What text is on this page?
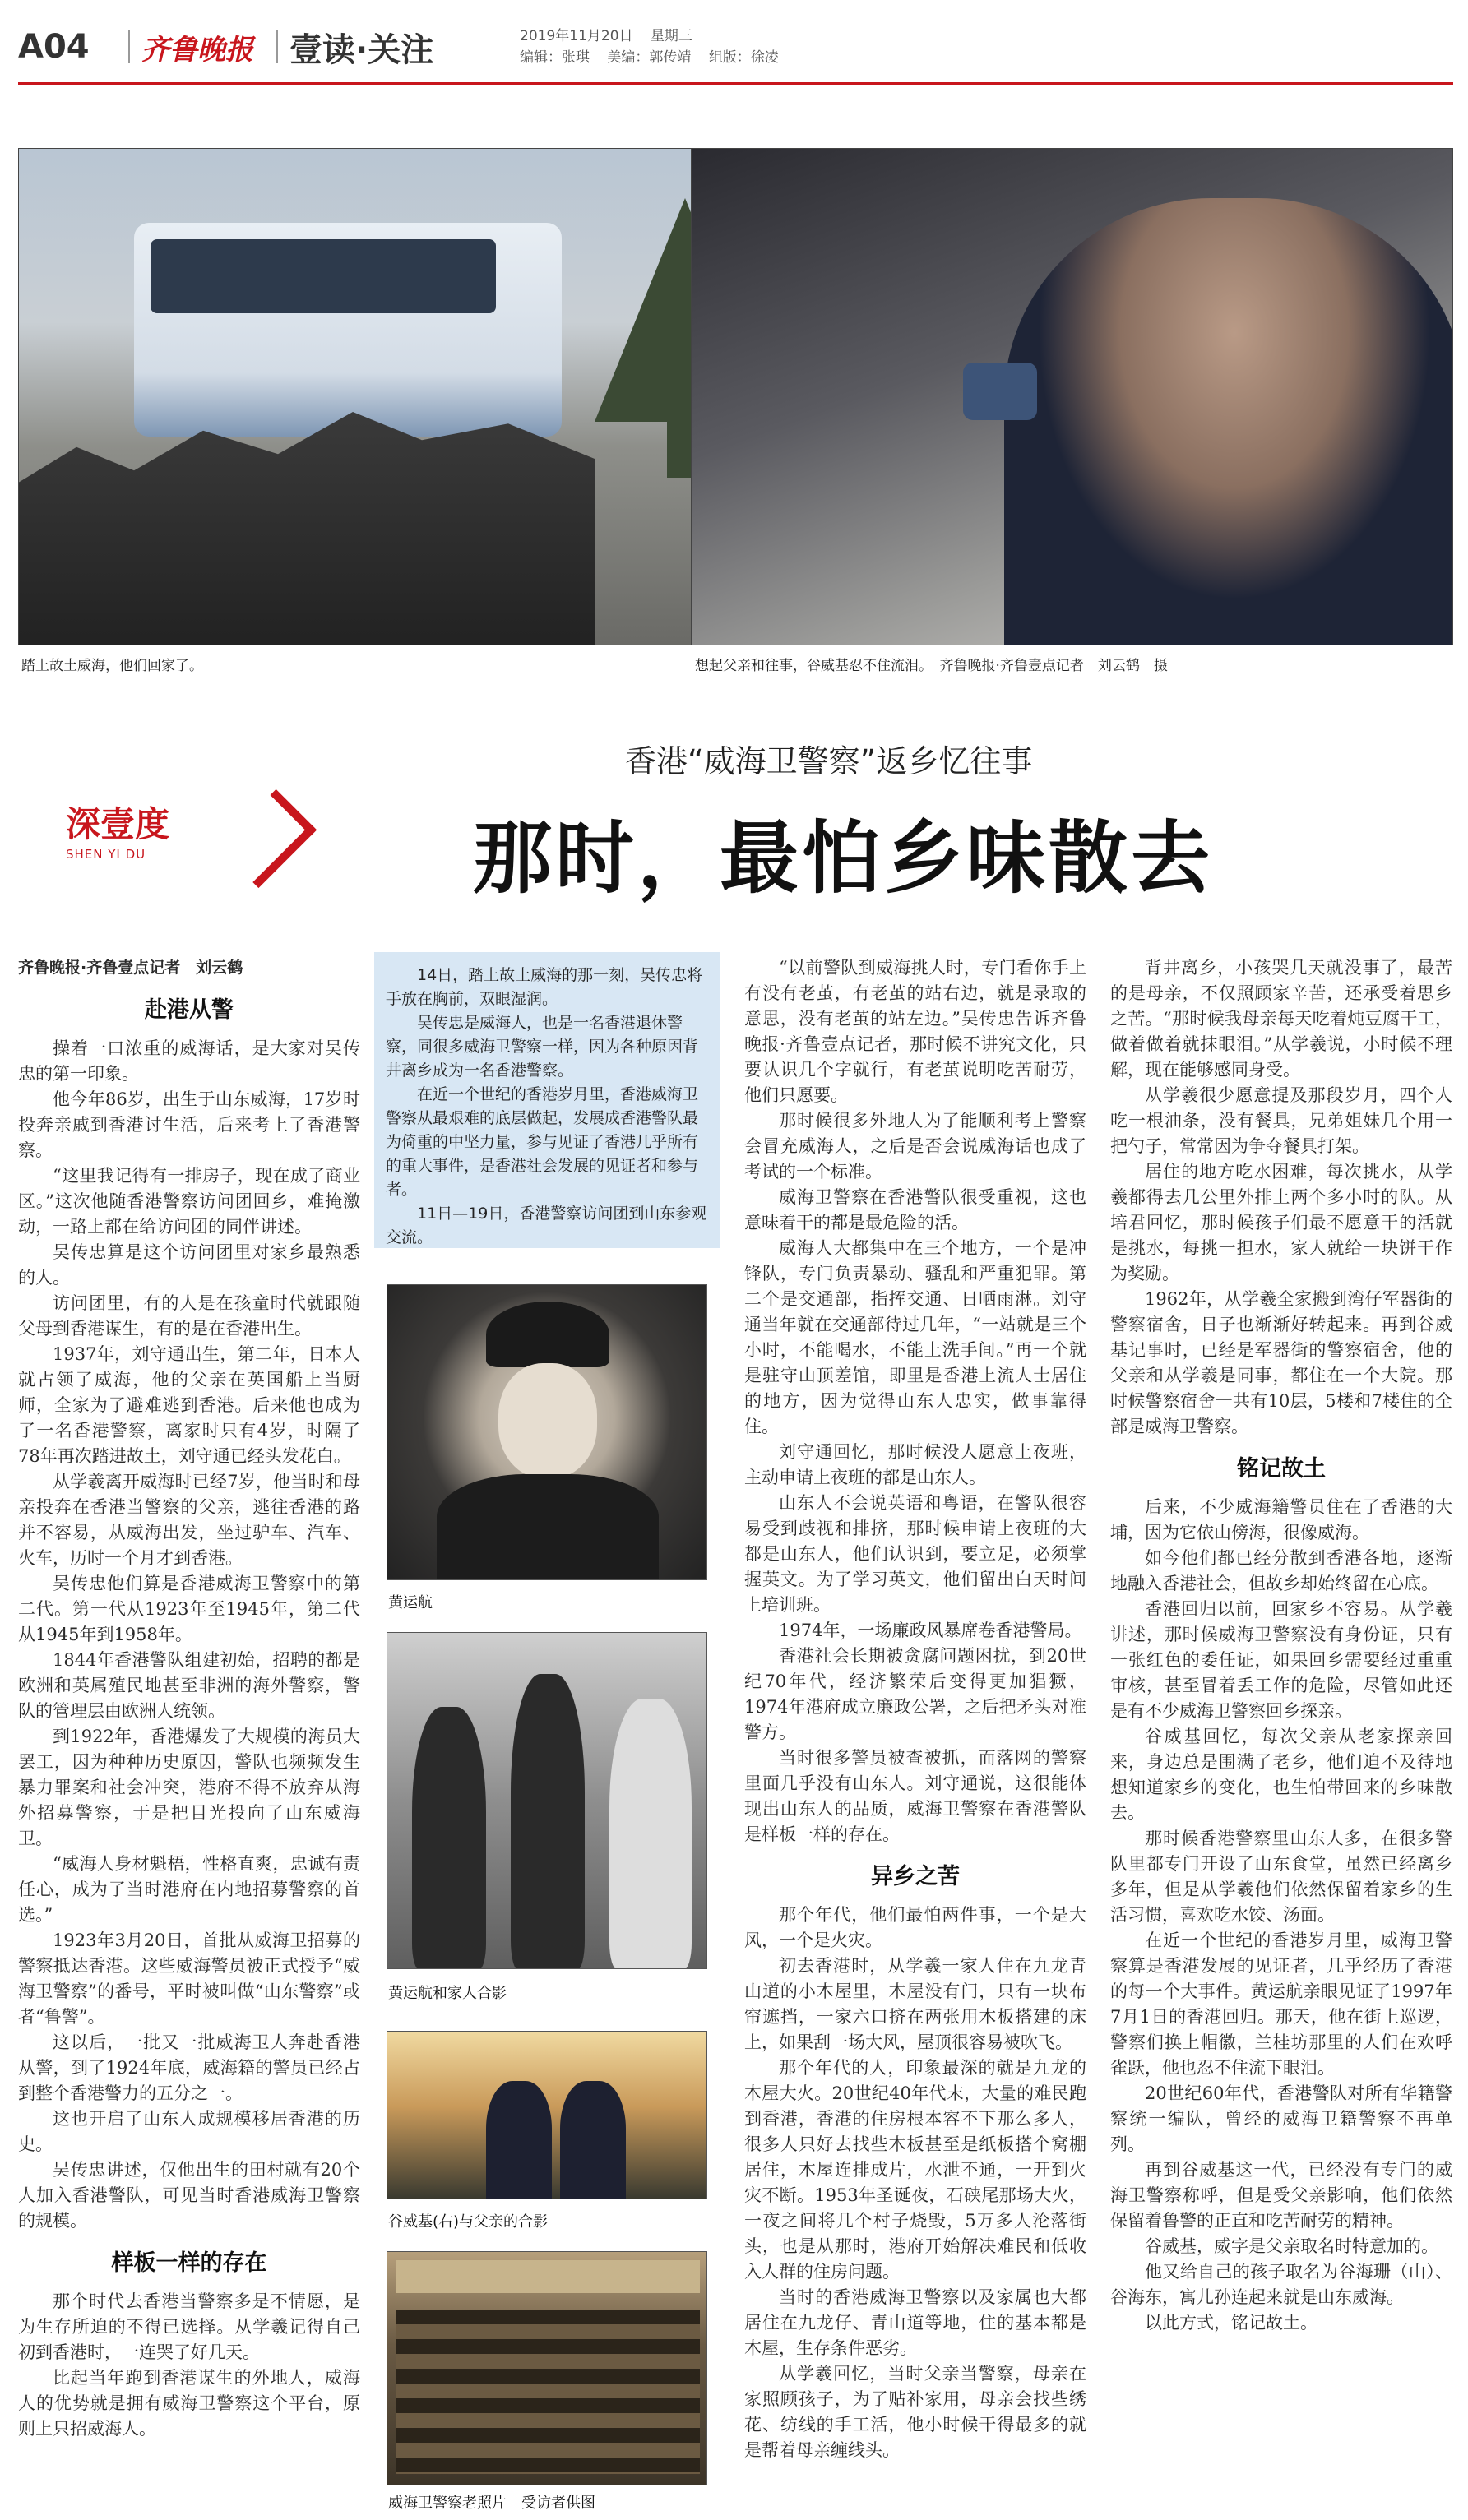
A04	齐鲁晚报	壹读·关注	2019年11月20日 星期三
编辑：张琪 美编：郭传靖 组版：徐凌
踏上故土威海，他们回家了。	想起父亲和往事，谷威基忍不住流泪。　齐鲁晚报·齐鲁壹点记者　刘云鹤　摄
深壹度
SHEN YI DU
香港“威海卫警察”返乡忆往事
那时，最怕乡味散去

齐鲁晚报·齐鲁壹点记者　刘云鹤

赴港从警

操着一口浓重的威海话，是大家对吴传忠的第一印象。

他今年86岁，出生于山东威海，17岁时投奔亲戚到香港讨生活，后来考上了香港警察。

“这里我记得有一排房子，现在成了商业区。”这次他随香港警察访问团回乡，难掩激动，一路上都在给访问团的同伴讲述。

吴传忠算是这个访问团里对家乡最熟悉的人。

访问团里，有的人是在孩童时代就跟随父母到香港谋生，有的是在香港出生。

1937年，刘守通出生，第二年，日本人就占领了威海，他的父亲在英国船上当厨师，全家为了避难逃到香港。后来他也成为了一名香港警察，离家时只有4岁，时隔了78年再次踏进故土，刘守通已经头发花白。

从学羲离开威海时已经7岁，他当时和母亲投奔在香港当警察的父亲，逃往香港的路并不容易，从威海出发，坐过驴车、汽车、火车，历时一个月才到香港。

吴传忠他们算是香港威海卫警察中的第二代。第一代从1923年至1945年，第二代从1945年到1958年。

1844年香港警队组建初始，招聘的都是欧洲和英属殖民地甚至非洲的海外警察，警队的管理层由欧洲人统领。

到1922年，香港爆发了大规模的海员大罢工，因为种种历史原因，警队也频频发生暴力罪案和社会冲突，港府不得不放弃从海外招募警察，于是把目光投向了山东威海卫。

“威海人身材魁梧，性格直爽，忠诚有责任心，成为了当时港府在内地招募警察的首选。”

1923年3月20日，首批从威海卫招募的警察抵达香港。这些威海警员被正式授予“威海卫警察”的番号，平时被叫做“山东警察”或者“鲁警”。

这以后，一批又一批威海卫人奔赴香港从警，到了1924年底，威海籍的警员已经占到整个香港警力的五分之一。

这也开启了山东人成规模移居香港的历史。

吴传忠讲述，仅他出生的田村就有20个人加入香港警队，可见当时香港威海卫警察的规模。

样板一样的存在

那个时代去香港当警察多是不情愿，是为生存所迫的不得已选择。从学羲记得自己初到香港时，一连哭了好几天。

比起当年跑到香港谋生的外地人，威海人的优势就是拥有威海卫警察这个平台，原则上只招威海人。

14日，踏上故土威海的那一刻，吴传忠将手放在胸前，双眼湿润。

吴传忠是威海人，也是一名香港退休警察，同很多威海卫警察一样，因为各种原因背井离乡成为一名香港警察。

在近一个世纪的香港岁月里，香港威海卫警察从最艰难的底层做起，发展成香港警队最为倚重的中坚力量，参与见证了香港几乎所有的重大事件，是香港社会发展的见证者和参与者。

11日—19日，香港警察访问团到山东参观交流。

黄运航
黄运航和家人合影
谷威基(右)与父亲的合影
威海卫警察老照片　受访者供图

“以前警队到威海挑人时，专门看你手上有没有老茧，有老茧的站右边，就是录取的意思，没有老茧的站左边。”吴传忠告诉齐鲁晚报·齐鲁壹点记者，那时候不讲究文化，只要认识几个字就行，有老茧说明吃苦耐劳，他们只愿要。

那时候很多外地人为了能顺利考上警察会冒充威海人，之后是否会说威海话也成了考试的一个标准。

威海卫警察在香港警队很受重视，这也意味着干的都是最危险的活。

威海人大都集中在三个地方，一个是冲锋队，专门负责暴动、骚乱和严重犯罪。第二个是交通部，指挥交通、日晒雨淋。刘守通当年就在交通部待过几年，“一站就是三个小时，不能喝水，不能上洗手间。”再一个就是驻守山顶差馆，即里是香港上流人士居住的地方，因为觉得山东人忠实，做事靠得住。

刘守通回忆，那时候没人愿意上夜班，主动申请上夜班的都是山东人。

山东人不会说英语和粤语，在警队很容易受到歧视和排挤，那时候申请上夜班的大都是山东人，他们认识到，要立足，必须掌握英文。为了学习英文，他们留出白天时间上培训班。

1974年，一场廉政风暴席卷香港警局。

香港社会长期被贪腐问题困扰，到20世纪70年代，经济繁荣后变得更加猖獗，1974年港府成立廉政公署，之后把矛头对准警方。

当时很多警员被查被抓，而落网的警察里面几乎没有山东人。刘守通说，这很能体现出山东人的品质，威海卫警察在香港警队是样板一样的存在。

异乡之苦

那个年代，他们最怕两件事，一个是大风，一个是火灾。

初去香港时，从学羲一家人住在九龙青山道的小木屋里，木屋没有门，只有一块布帘遮挡，一家六口挤在两张用木板搭建的床上，如果刮一场大风，屋顶很容易被吹飞。

那个年代的人，印象最深的就是九龙的木屋大火。20世纪40年代末，大量的难民跑到香港，香港的住房根本容不下那么多人，很多人只好去找些木板甚至是纸板搭个窝棚居住，木屋连排成片，水泄不通，一开到火灾不断。1953年圣诞夜，石硖尾那场大火，一夜之间将几个村子烧毁，5万多人沦落街头，也是从那时，港府开始解决难民和低收入人群的住房问题。

当时的香港威海卫警察以及家属也大都居住在九龙仔、青山道等地，住的基本都是木屋，生存条件恶劣。

从学羲回忆，当时父亲当警察，母亲在家照顾孩子，为了贴补家用，母亲会找些绣花、纺线的手工活，他小时候干得最多的就是帮着母亲缠线头。

背井离乡，小孩哭几天就没事了，最苦的是母亲，不仅照顾家辛苦，还承受着思乡之苦。“那时候我母亲每天吃着炖豆腐干工，做着做着就抹眼泪。”从学羲说，小时候不理解，现在能够感同身受。

从学羲很少愿意提及那段岁月，四个人吃一根油条，没有餐具，兄弟姐妹几个用一把勺子，常常因为争夺餐具打架。

居住的地方吃水困难，每次挑水，从学羲都得去几公里外排上两个多小时的队。从培君回忆，那时候孩子们最不愿意干的活就是挑水，每挑一担水，家人就给一块饼干作为奖励。

1962年，从学羲全家搬到湾仔军器街的警察宿舍，日子也渐渐好转起来。再到谷威基记事时，已经是军器街的警察宿舍，他的父亲和从学羲是同事，都住在一个大院。那时候警察宿舍一共有10层，5楼和7楼住的全部是威海卫警察。

铭记故土

后来，不少威海籍警员住在了香港的大埔，因为它依山傍海，很像威海。

如今他们都已经分散到香港各地，逐渐地融入香港社会，但故乡却始终留在心底。

香港回归以前，回家乡不容易。从学羲讲述，那时候威海卫警察没有身份证，只有一张红色的委任证，如果回乡需要经过重重审核，甚至冒着丢工作的危险，尽管如此还是有不少威海卫警察回乡探亲。

谷威基回忆，每次父亲从老家探亲回来，身边总是围满了老乡，他们迫不及待地想知道家乡的变化，也生怕带回来的乡味散去。

那时候香港警察里山东人多，在很多警队里都专门开设了山东食堂，虽然已经离乡多年，但是从学羲他们依然保留着家乡的生活习惯，喜欢吃水饺、汤面。

在近一个世纪的香港岁月里，威海卫警察算是香港发展的见证者，几乎经历了香港的每一个大事件。黄运航亲眼见证了1997年7月1日的香港回归。那天，他在街上巡逻，警察们换上帽徽，兰桂坊那里的人们在欢呼雀跃，他也忍不住流下眼泪。

20世纪60年代，香港警队对所有华籍警察统一编队，曾经的威海卫籍警察不再单列。

再到谷威基这一代，已经没有专门的威海卫警察称呼，但是受父亲影响，他们依然保留着鲁警的正直和吃苦耐劳的精神。

谷威基，威字是父亲取名时特意加的。

他又给自己的孩子取名为谷海珊（山）、谷海东，寓儿孙连起来就是山东威海。

以此方式，铭记故土。
